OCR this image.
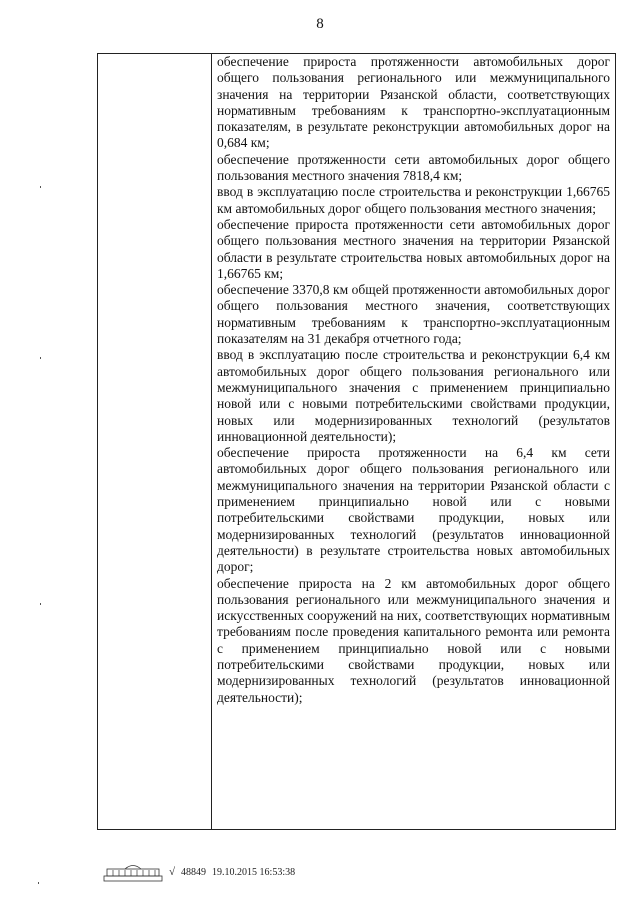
8

обеспечение прироста протяженности автомобильных дорог общего пользования регионального или межмуниципального значения на территории Рязанской области, соответствующих нормативным требованиям к транспортно-эксплуатационным показателям, в результате реконструкции автомобильных дорог на 0,684 км;

обеспечение протяженности сети автомобильных дорог общего пользования местного значения 7818,4 км;

ввод в эксплуатацию после строительства и реконструкции 1,66765 км автомобильных дорог общего пользования местного значения;

обеспечение прироста протяженности сети автомобильных дорог общего пользования местного значения на территории Рязанской области в результате строительства новых автомобильных дорог на 1,66765 км;

обеспечение 3370,8 км общей протяженности автомобильных дорог общего пользования местного значения, соответствующих нормативным требованиям к транспортно-эксплуатационным показателям на 31 декабря отчетного года;

ввод в эксплуатацию после строительства и реконструкции 6,4 км автомобильных дорог общего пользования регионального или межмуниципального значения с применением принципиально новой или с новыми потребительскими свойствами продукции, новых или модернизированных технологий (результатов инновационной деятельности);

обеспечение прироста протяженности на 6,4 км сети автомобильных дорог общего пользования регионального или межмуниципального значения на территории Рязанской области с применением принципиально новой или с новыми потребительскими свойствами продукции, новых или модернизированных технологий (результатов инновационной деятельности) в результате строительства новых автомобильных дорог;

обеспечение прироста на 2 км автомобильных дорог общего пользования регионального или межмуниципального значения и искусственных сооружений на них, соответствующих нормативным требованиям после проведения капитального ремонта или ремонта с применением принципиально новой или с новыми потребительскими свойствами продукции, новых или модернизированных технологий (результатов инновационной деятельности);

√ 48849 19.10.2015 16:53:38
